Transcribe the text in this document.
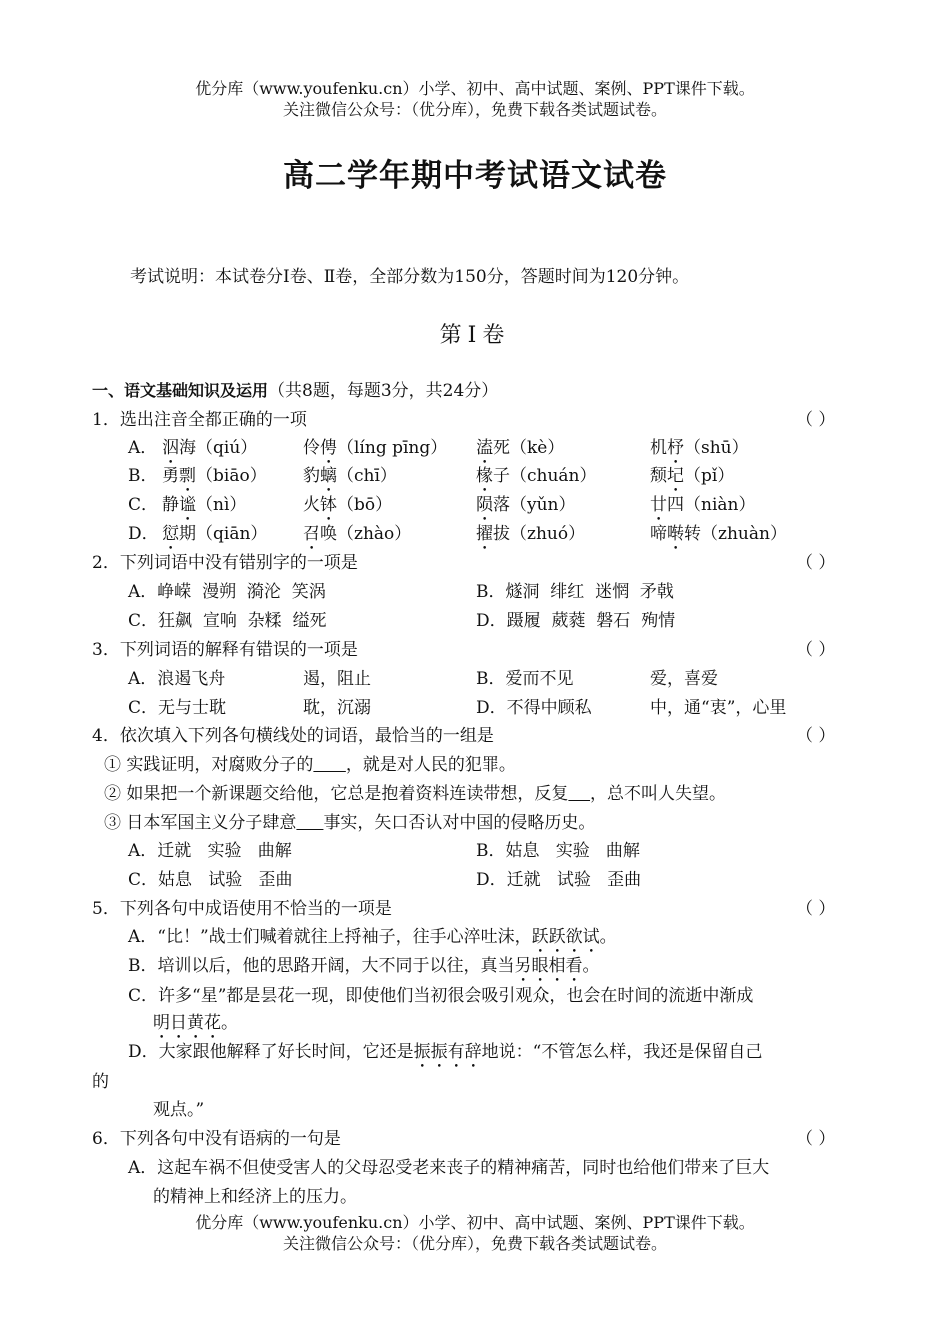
优分库（www.youfenku.cn）小学、初中、高中试题、案例、PPT课件下载。
关注微信公众号：（优分库），免费下载各类试题试卷。
高二学年期中考试语文试卷
考试说明：本试卷分Ⅰ卷、Ⅱ卷，全部分数为150分，答题时间为120分钟。
第Ⅰ卷
一、语文基础知识及运用（共8题，每题3分，共24分）
1．选出注音全都正确的一项	（ ）
A． 泅海（qiú）	伶俜（líng pīng） 溘死（kè）	机杼（shū）
B． 勇剽（biāo） 豹螭（chī）	椽子（chuán）	颓圮（pǐ）
C． 静谧（nì）	火钵（bō）	陨落（yǔn）	廿四（niàn）
D． 愆期（qiān） 召唤（zhào）	擢拔（zhuó）	啼啭转（zhuàn）
2．下列词语中没有错别字的一项是	（ ）
A．峥嵘  漫朔  漪沦  笑涡	B．燧洞  绯红  迷惘  矛戟
C．狂飙  宣响  杂糅  缢死	D．蹑履  葳蕤  磐石  殉情
3．下列词语的解释有错误的一项是	（ ）
A．浪遏飞舟	遏，阻止	B．爱而不见	爱，喜爱
C．无与士耽	耽，沉溺	D．不得中顾私	中，通“衷”，心里
4．依次填入下列各句横线处的词语，最恰当的一组是	（ ）
① 实践证明，对腐败分子的 ，就是对人民的犯罪。
② 如果把一个新课题交给他，它总是抱着资料连读带想，反复 ，总不叫人失望。
③ 日本军国主义分子肆意 事实，矢口否认对中国的侵略历史。
A．迁就   实验   曲解	B．姑息   实验   曲解
C．姑息   试验   歪曲	D．迁就   试验   歪曲
5．下列各句中成语使用不恰当的一项是	（ ）
A．“比！”战士们喊着就往上捋袖子，往手心淬吐沫，跃跃欲试。
B．培训以后，他的思路开阔，大不同于以往，真当另眼相看。
C．许多“星”都是昙花一现，即使他们当初很会吸引观众，也会在时间的流逝中渐成
明日黄花。
D．大家跟他解释了好长时间，它还是振振有辞地说：“不管怎么样，我还是保留自己
的
观点。”
6．下列各句中没有语病的一句是	（ ）
A．这起车祸不但使受害人的父母忍受老来丧子的精神痛苦，同时也给他们带来了巨大
的精神上和经济上的压力。
优分库（www.youfenku.cn）小学、初中、高中试题、案例、PPT课件下载。
关注微信公众号：（优分库），免费下载各类试题试卷。
